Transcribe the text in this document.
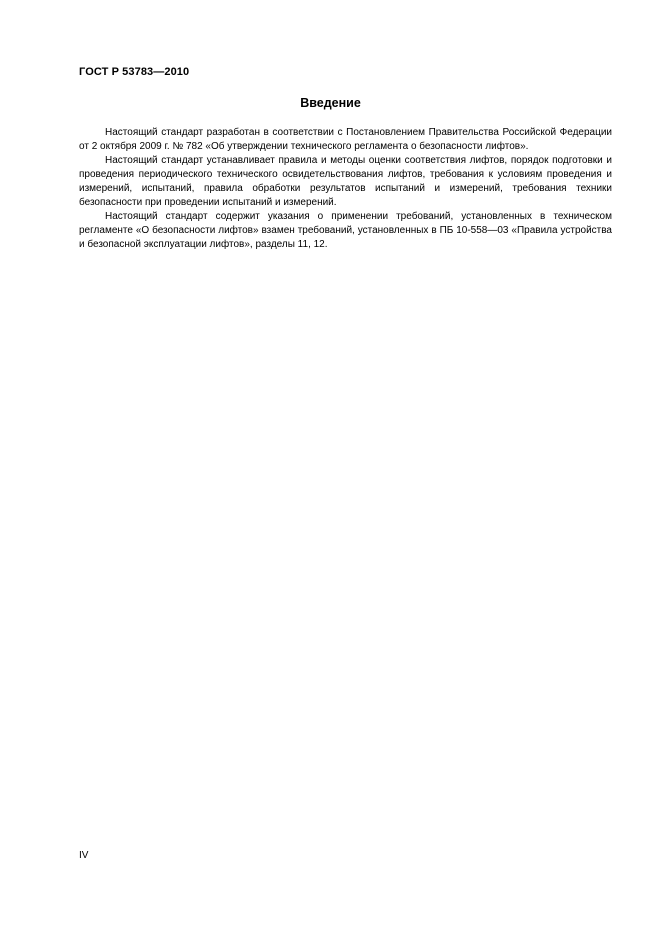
ГОСТ Р 53783—2010
Введение

Настоящий стандарт разработан в соответствии с Постановлением Правительства Российской Федерации от 2 октября 2009 г. № 782 «Об утверждении технического регламента о безопасности лифтов».

Настоящий стандарт устанавливает правила и методы оценки соответствия лифтов, порядок подготовки и проведения периодического технического освидетельствования лифтов, требования к условиям проведения и измерений, испытаний, правила обработки результатов испытаний и измерений, требования техники безопасности при проведении испытаний и измерений.

Настоящий стандарт содержит указания о применении требований, установленных в техническом регламенте «О безопасности лифтов» взамен требований, установленных в ПБ 10-558—03 «Правила устройства и безопасной эксплуатации лифтов», разделы 11, 12.

IV
